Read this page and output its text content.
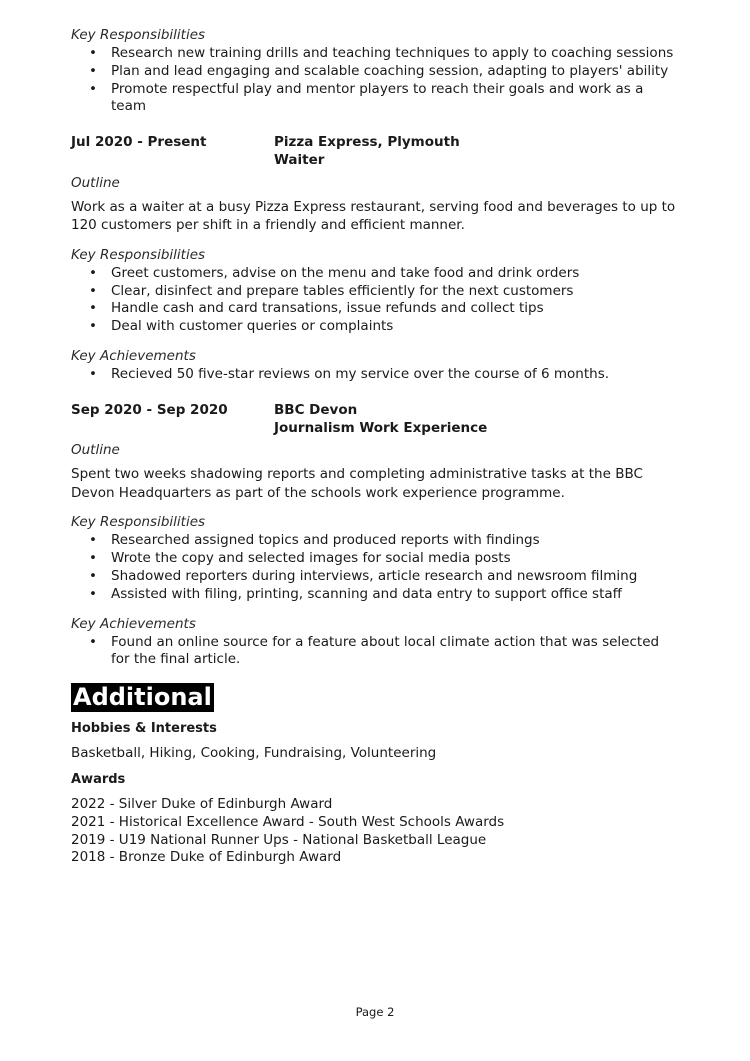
Key Responsibilities
• Research new training drills and teaching techniques to apply to coaching sessions
• Plan and lead engaging and scalable coaching session, adapting to players' ability
• Promote respectful play and mentor players to reach their goals and work as a team
Jul 2020 - Present	Pizza Express, Plymouth
Waiter
Outline

Work as a waiter at a busy Pizza Express restaurant, serving food and beverages to up to 120 customers per shift in a friendly and efficient manner.

Key Responsibilities
• Greet customers, advise on the menu and take food and drink orders
• Clear, disinfect and prepare tables efficiently for the next customers
• Handle cash and card transations, issue refunds and collect tips
• Deal with customer queries or complaints
Key Achievements
• Recieved 50 five-star reviews on my service over the course of 6 months.
Sep 2020 - Sep 2020	BBC Devon
Journalism Work Experience
Outline

Spent two weeks shadowing reports and completing administrative tasks at the BBC Devon Headquarters as part of the schools work experience programme.

Key Responsibilities
• Researched assigned topics and produced reports with findings
• Wrote the copy and selected images for social media posts
• Shadowed reporters during interviews, article research and newsroom filming
• Assisted with filing, printing, scanning and data entry to support office staff
Key Achievements
• Found an online source for a feature about local climate action that was selected for the final article.
Additional
Hobbies & Interests
Basketball, Hiking, Cooking, Fundraising, Volunteering
Awards
2022 - Silver Duke of Edinburgh Award
2021 - Historical Excellence Award - South West Schools Awards
2019 - U19 National Runner Ups - National Basketball League
2018 - Bronze Duke of Edinburgh Award
Page 2
